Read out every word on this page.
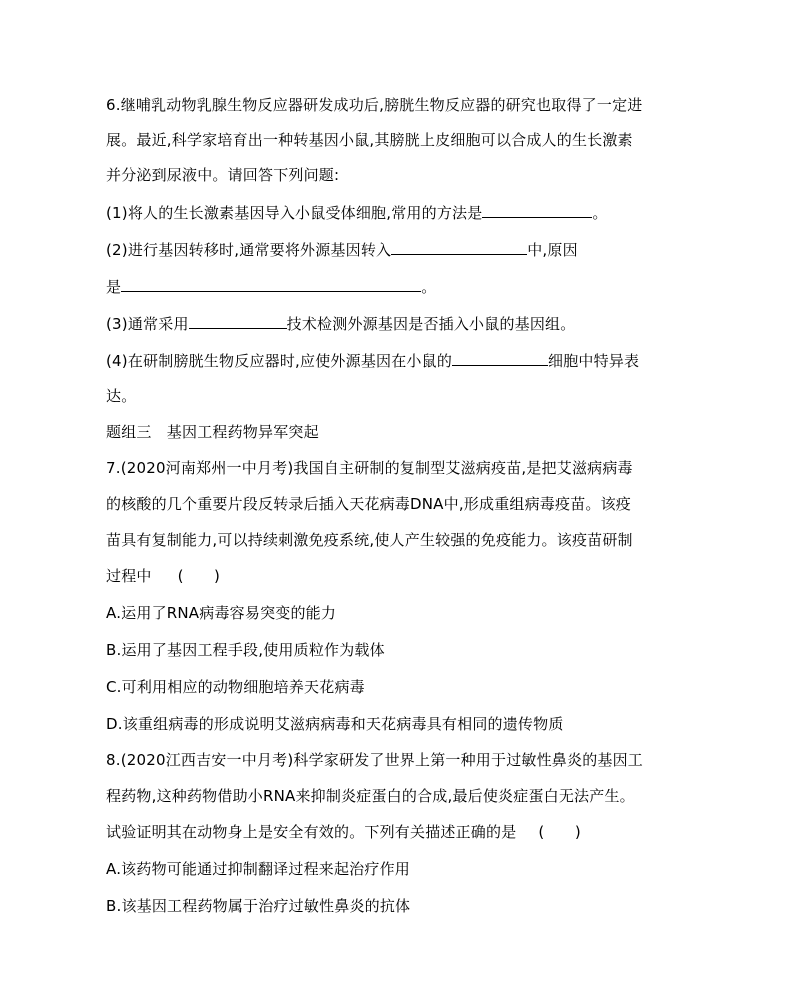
6.继哺乳动物乳腺生物反应器研发成功后,膀胱生物反应器的研究也取得了一定进
展。最近,科学家培育出一种转基因小鼠,其膀胱上皮细胞可以合成人的生长激素
并分泌到尿液中。请回答下列问题:
(1)将人的生长激素基因导入小鼠受体细胞,常用的方法是	。
(2)进行基因转移时,通常要将外源基因转入	中,原因
是	。
(3)通常采用	技术检测外源基因是否插入小鼠的基因组。
(4)在研制膀胱生物反应器时,应使外源基因在小鼠的	细胞中特异表
达。
题组三　基因工程药物异军突起
7.(2020河南郑州一中月考)我国自主研制的复制型艾滋病疫苗,是把艾滋病病毒
的核酸的几个重要片段反转录后插入天花病毒DNA中,形成重组病毒疫苗。该疫
苗具有复制能力,可以持续刺激免疫系统,使人产生较强的免疫能力。该疫苗研制
过程中 (　　)
A.运用了RNA病毒容易突变的能力
B.运用了基因工程手段,使用质粒作为载体
C.可利用相应的动物细胞培养天花病毒
D.该重组病毒的形成说明艾滋病病毒和天花病毒具有相同的遗传物质
8.(2020江西吉安一中月考)科学家研发了世界上第一种用于过敏性鼻炎的基因工
程药物,这种药物借助小RNA来抑制炎症蛋白的合成,最后使炎症蛋白无法产生。
试验证明其在动物身上是安全有效的。下列有关描述正确的是 (　　)
A.该药物可能通过抑制翻译过程来起治疗作用
B.该基因工程药物属于治疗过敏性鼻炎的抗体
